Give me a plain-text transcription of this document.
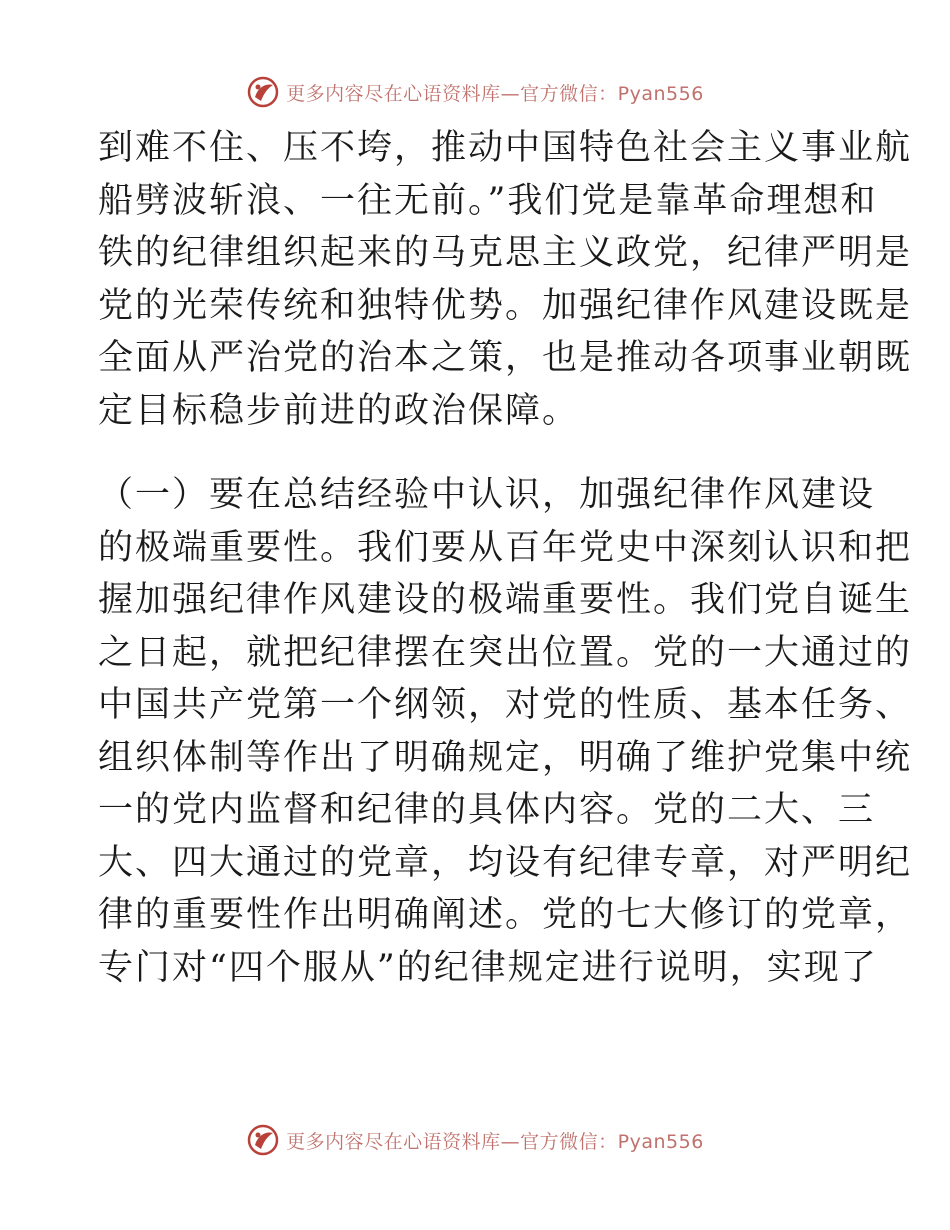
更多内容尽在心语资料库—官方微信：Pyan556

到难不住、压不垮，推动中国特色社会主义事业航
船劈波斩浪、一往无前。”我们党是靠革命理想和
铁的纪律组织起来的马克思主义政党，纪律严明是
党的光荣传统和独特优势。加强纪律作风建设既是
全面从严治党的治本之策，也是推动各项事业朝既
定目标稳步前进的政治保障。

（一）要在总结经验中认识，加强纪律作风建设
的极端重要性。我们要从百年党史中深刻认识和把
握加强纪律作风建设的极端重要性。我们党自诞生
之日起，就把纪律摆在突出位置。党的一大通过的
中国共产党第一个纲领，对党的性质、基本任务、
组织体制等作出了明确规定，明确了维护党集中统
一的党内监督和纪律的具体内容。党的二大、三
大、四大通过的党章，均设有纪律专章，对严明纪
律的重要性作出明确阐述。党的七大修订的党章，
专门对“四个服从”的纪律规定进行说明，实现了

更多内容尽在心语资料库—官方微信：Pyan556
